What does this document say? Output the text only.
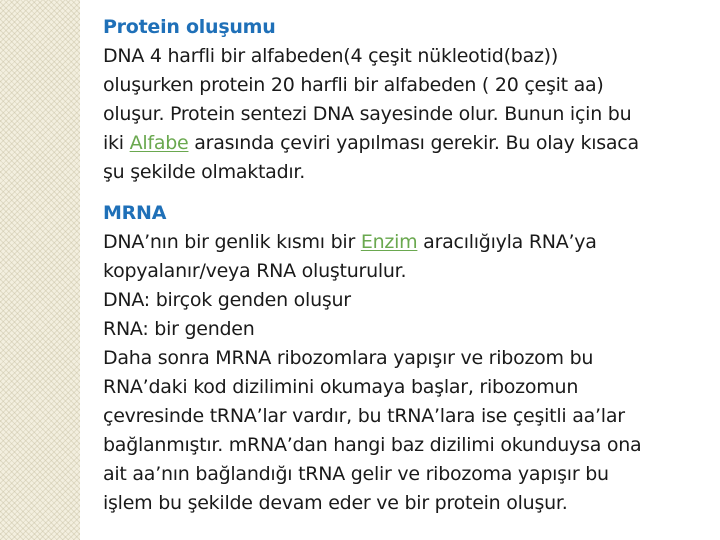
Protein oluşumu
DNA 4 harfli bir alfabeden(4 çeşit nükleotid(baz))
oluşurken protein 20 harfli bir alfabeden ( 20 çeşit aa)
oluşur. Protein sentezi DNA sayesinde olur. Bunun için bu
iki Alfabe arasında çeviri yapılması gerekir. Bu olay kısaca
şu şekilde olmaktadır.
MRNA
DNA’nın bir genlik kısmı bir Enzim aracılığıyla RNA’ya
kopyalanır/veya RNA oluşturulur.
DNA: birçok genden oluşur
RNA: bir genden
Daha sonra MRNA ribozomlara yapışır ve ribozom bu
RNA’daki kod dizilimini okumaya başlar, ribozomun
çevresinde tRNA’lar vardır, bu tRNA’lara ise çeşitli aa’lar
bağlanmıştır. mRNA’dan hangi baz dizilimi okunduysa ona
ait aa’nın bağlandığı tRNA gelir ve ribozoma yapışır bu
işlem bu şekilde devam eder ve bir protein oluşur.
